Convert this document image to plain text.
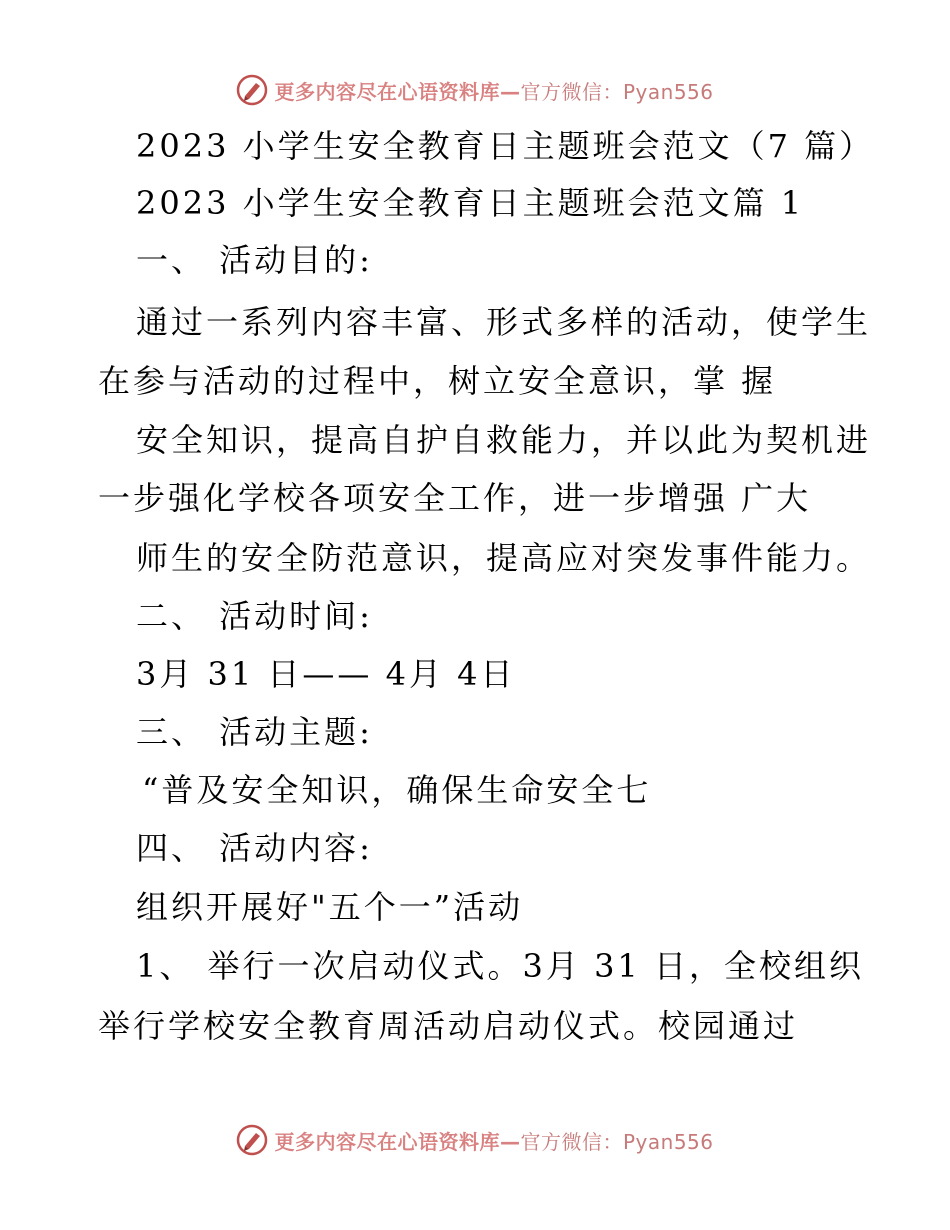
更多内容尽在心语资料库—官方微信：Pyan556
2023 小学生安全教育日主题班会范文（7 篇）
2023 小学生安全教育日主题班会范文篇 1
一、 活动目的:
通过一系列内容丰富、形式多样的活动，使学生
在参与活动的过程中，树立安全意识，掌 握
安全知识，提高自护自救能力，并以此为契机进
一步强化学校各项安全工作，进一步增强 广大
师生的安全防范意识，提高应对突发事件能力。
二、 活动时间:
3月 31 日—— 4月 4日
三、 活动主题:
“普及安全知识，确保生命安全七
四、 活动内容:
组织开展好"五个一”活动
1、 举行一次启动仪式。3月 31 日，全校组织
举行学校安全教育周活动启动仪式。校园通过
更多内容尽在心语资料库—官方微信：Pyan556
